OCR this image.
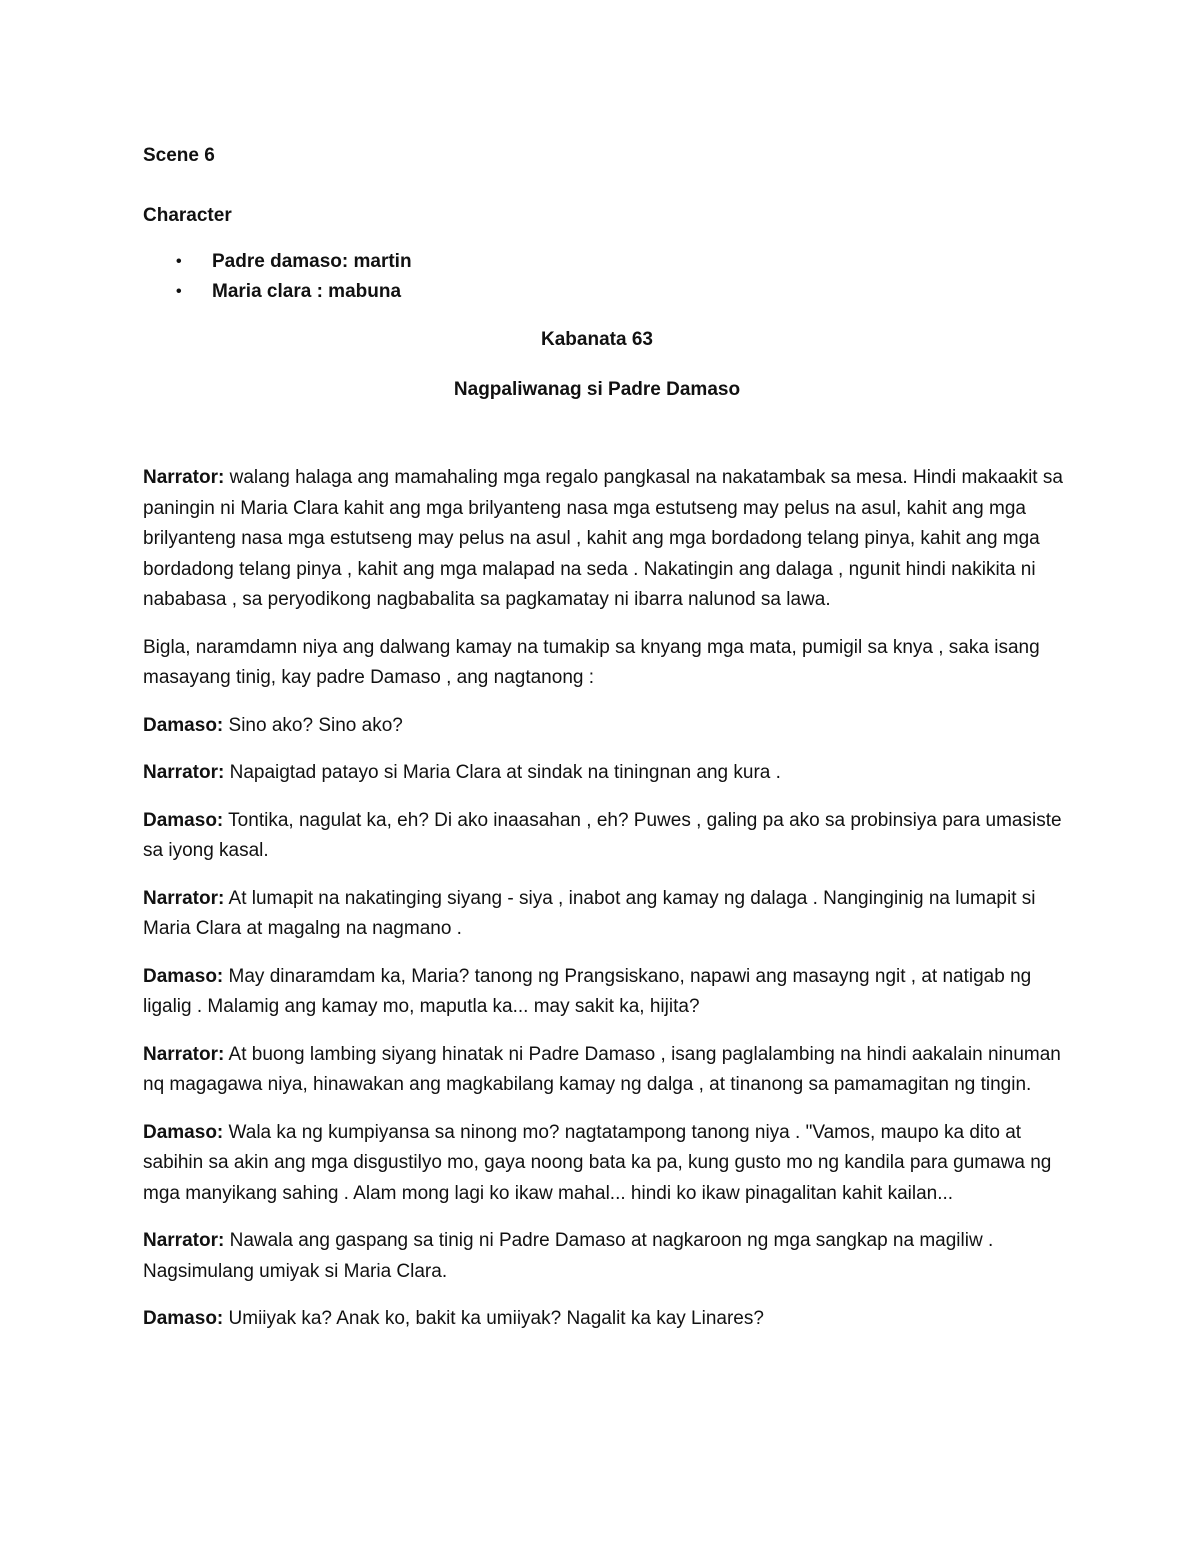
Scene 6
Character
• Padre damaso: martin
• Maria clara : mabuna
Kabanata 63
Nagpaliwanag si Padre Damaso

Narrator: walang halaga ang mamahaling mga regalo pangkasal na nakatambak sa mesa. Hindi makaakit sa paningin ni Maria Clara kahit ang mga brilyanteng nasa mga estutseng may pelus na asul, kahit ang mga brilyanteng nasa mga estutseng may pelus na asul , kahit ang mga bordadong telang pinya, kahit ang mga bordadong telang pinya , kahit ang mga malapad na seda . Nakatingin ang dalaga , ngunit hindi nakikita ni nababasa , sa peryodikong nagbabalita sa pagkamatay ni ibarra nalunod sa lawa.

Bigla, naramdamn niya ang dalwang kamay na tumakip sa knyang mga mata, pumigil sa knya , saka isang masayang tinig, kay padre Damaso , ang nagtanong :

Damaso: Sino ako? Sino ako?

Narrator: Napaigtad patayo si Maria Clara at sindak na tiningnan ang kura .

Damaso: Tontika, nagulat ka, eh? Di ako inaasahan , eh? Puwes , galing pa ako sa probinsiya para umasiste sa iyong kasal.

Narrator: At lumapit na nakatinging siyang - siya , inabot ang kamay ng dalaga . Nanginginig na lumapit si Maria Clara at magalng na nagmano .

Damaso: May dinaramdam ka, Maria? tanong ng Prangsiskano, napawi ang masayng ngit , at natigab ng ligalig . Malamig ang kamay mo, maputla ka... may sakit ka, hijita?

Narrator: At buong lambing siyang hinatak ni Padre Damaso , isang paglalambing na hindi aakalain ninuman nq magagawa niya, hinawakan ang magkabilang kamay ng dalga , at tinanong sa pamamagitan ng tingin.

Damaso: Wala ka ng kumpiyansa sa ninong mo? nagtatampong tanong niya . "Vamos, maupo ka dito at sabihin sa akin ang mga disgustilyo mo, gaya noong bata ka pa, kung gusto mo ng kandila para gumawa ng mga manyikang sahing . Alam mong lagi ko ikaw mahal... hindi ko ikaw pinagalitan kahit kailan...

Narrator: Nawala ang gaspang sa tinig ni Padre Damaso at nagkaroon ng mga sangkap na magiliw . Nagsimulang umiyak si Maria Clara.

Damaso: Umiiyak ka? Anak ko, bakit ka umiiyak? Nagalit ka kay Linares?
